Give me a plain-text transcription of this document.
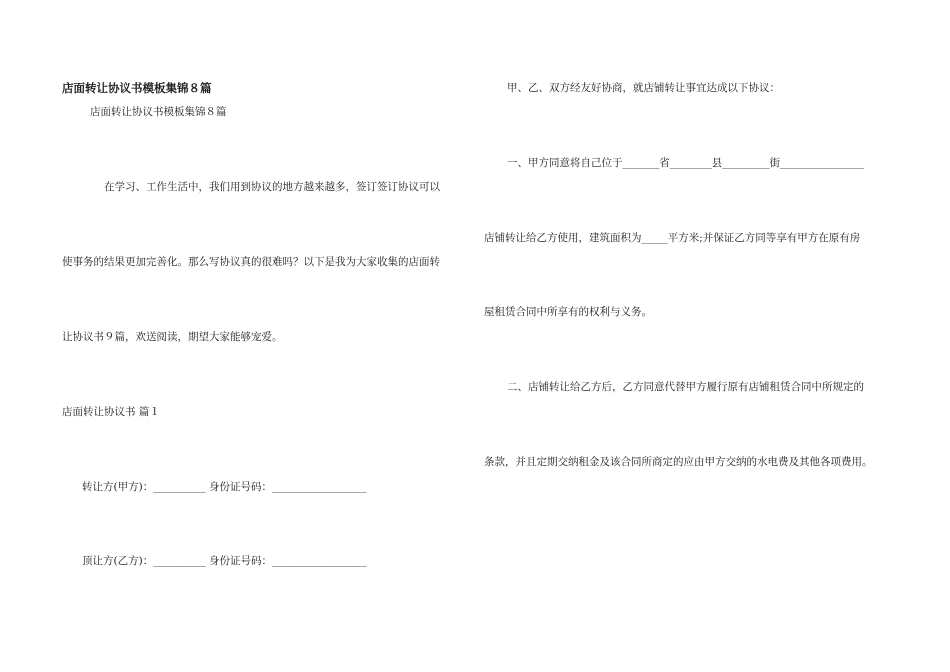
店面转让协议书模板集锦８篇
店面转让协议书模板集锦８篇
在学习、工作生活中，我们用到协议的地方越来越多，签订签订协议可以
使事务的结果更加完善化。那么写协议真的很难吗？以下是我为大家收集的店面转
让协议书９篇，欢送阅读，期望大家能够宠爱。
店面转让协议书 篇１
转让方(甲方)：__________ 身份证号码：__________________
顶让方(乙方)：__________ 身份证号码：__________________
甲、乙、双方经友好协商，就店铺转让事宜达成以下协议：
一、甲方同意将自己位于_______省________县_________街________________
店铺转让给乙方使用，建筑面积为_____平方米;并保证乙方同等享有甲方在原有房
屋租赁合同中所享有的权利与义务。
二、店铺转让给乙方后，乙方同意代替甲方履行原有店铺租赁合同中所规定的
条款，并且定期交纳租金及该合同所商定的应由甲方交纳的水电费及其他各项费用。
